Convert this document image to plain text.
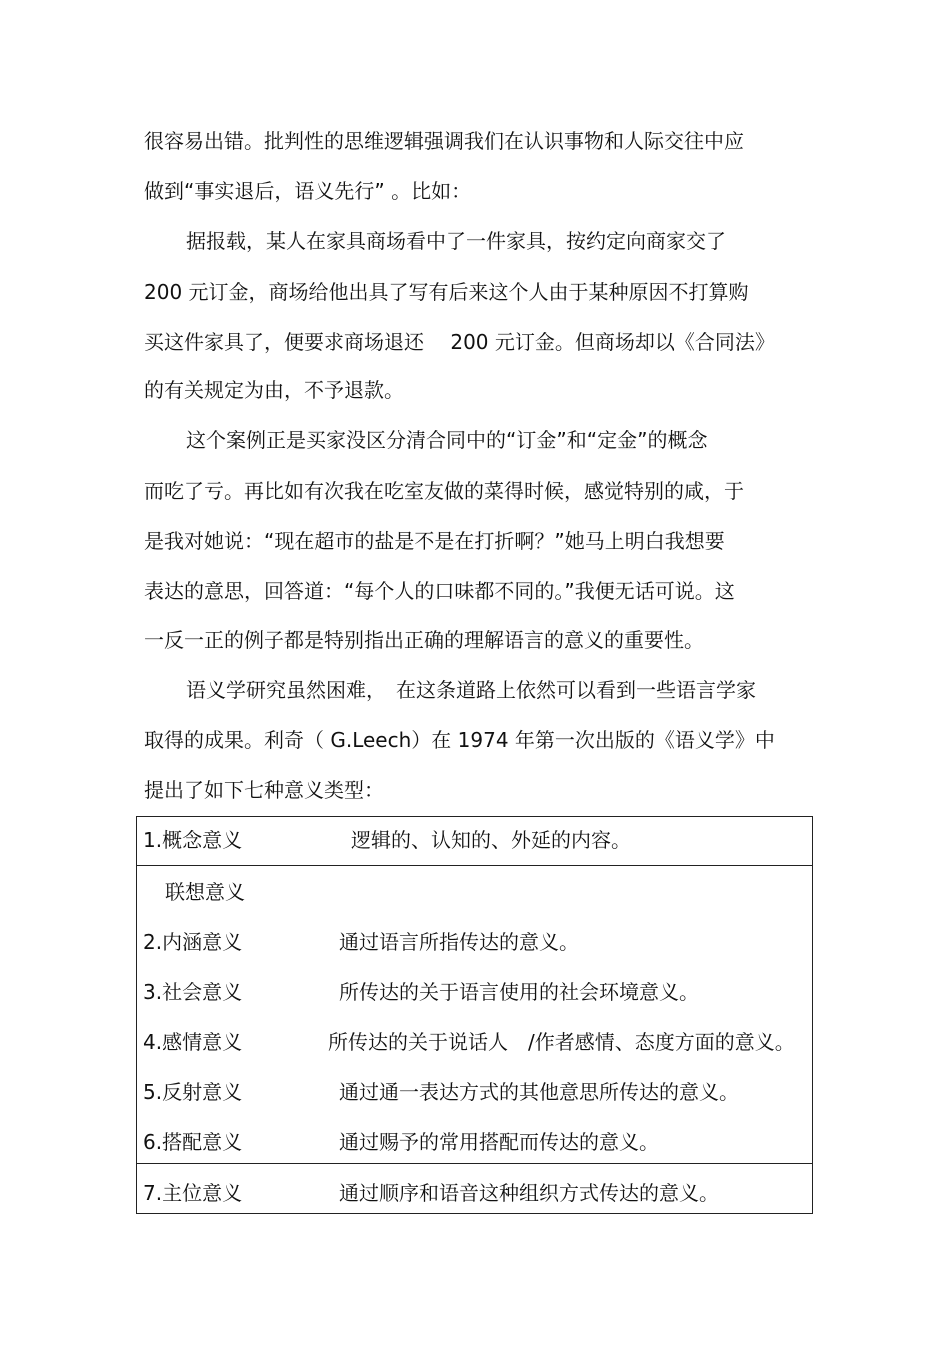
很容易出错。批判性的思维逻辑强调我们在认识事物和人际交往中应
做到“事实退后，语义先行” 。比如：
据报载，某人在家具商场看中了一件家具，按约定向商家交了
200 元订金，商场给他出具了写有后来这个人由于某种原因不打算购
买这件家具了，便要求商场退还　 200 元订金。但商场却以《合同法》
的有关规定为由，不予退款。
这个案例正是买家没区分清合同中的“订金”和“定金”的概念
而吃了亏。再比如有次我在吃室友做的菜得时候，感觉特别的咸，于
是我对她说：“现在超市的盐是不是在打折啊？”她马上明白我想要
表达的意思，回答道：“每个人的口味都不同的。”我便无话可说。这
一反一正的例子都是特别指出正确的理解语言的意义的重要性。
语义学研究虽然困难，　在这条道路上依然可以看到一些语言学家
取得的成果。利奇（ G.Leech）在 1974 年第一次出版的《语义学》中
提出了如下七种意义类型：
1.概念意义	逻辑的、认知的、外延的内容。
联想意义
2.内涵意义	通过语言所指传达的意义。
3.社会意义	所传达的关于语言使用的社会环境意义。
4.感情意义	所传达的关于说话人　/作者感情、态度方面的意义。
5.反射意义	通过通一表达方式的其他意思所传达的意义。
6.搭配意义	通过赐予的常用搭配而传达的意义。
7.主位意义	通过顺序和语音这种组织方式传达的意义。
